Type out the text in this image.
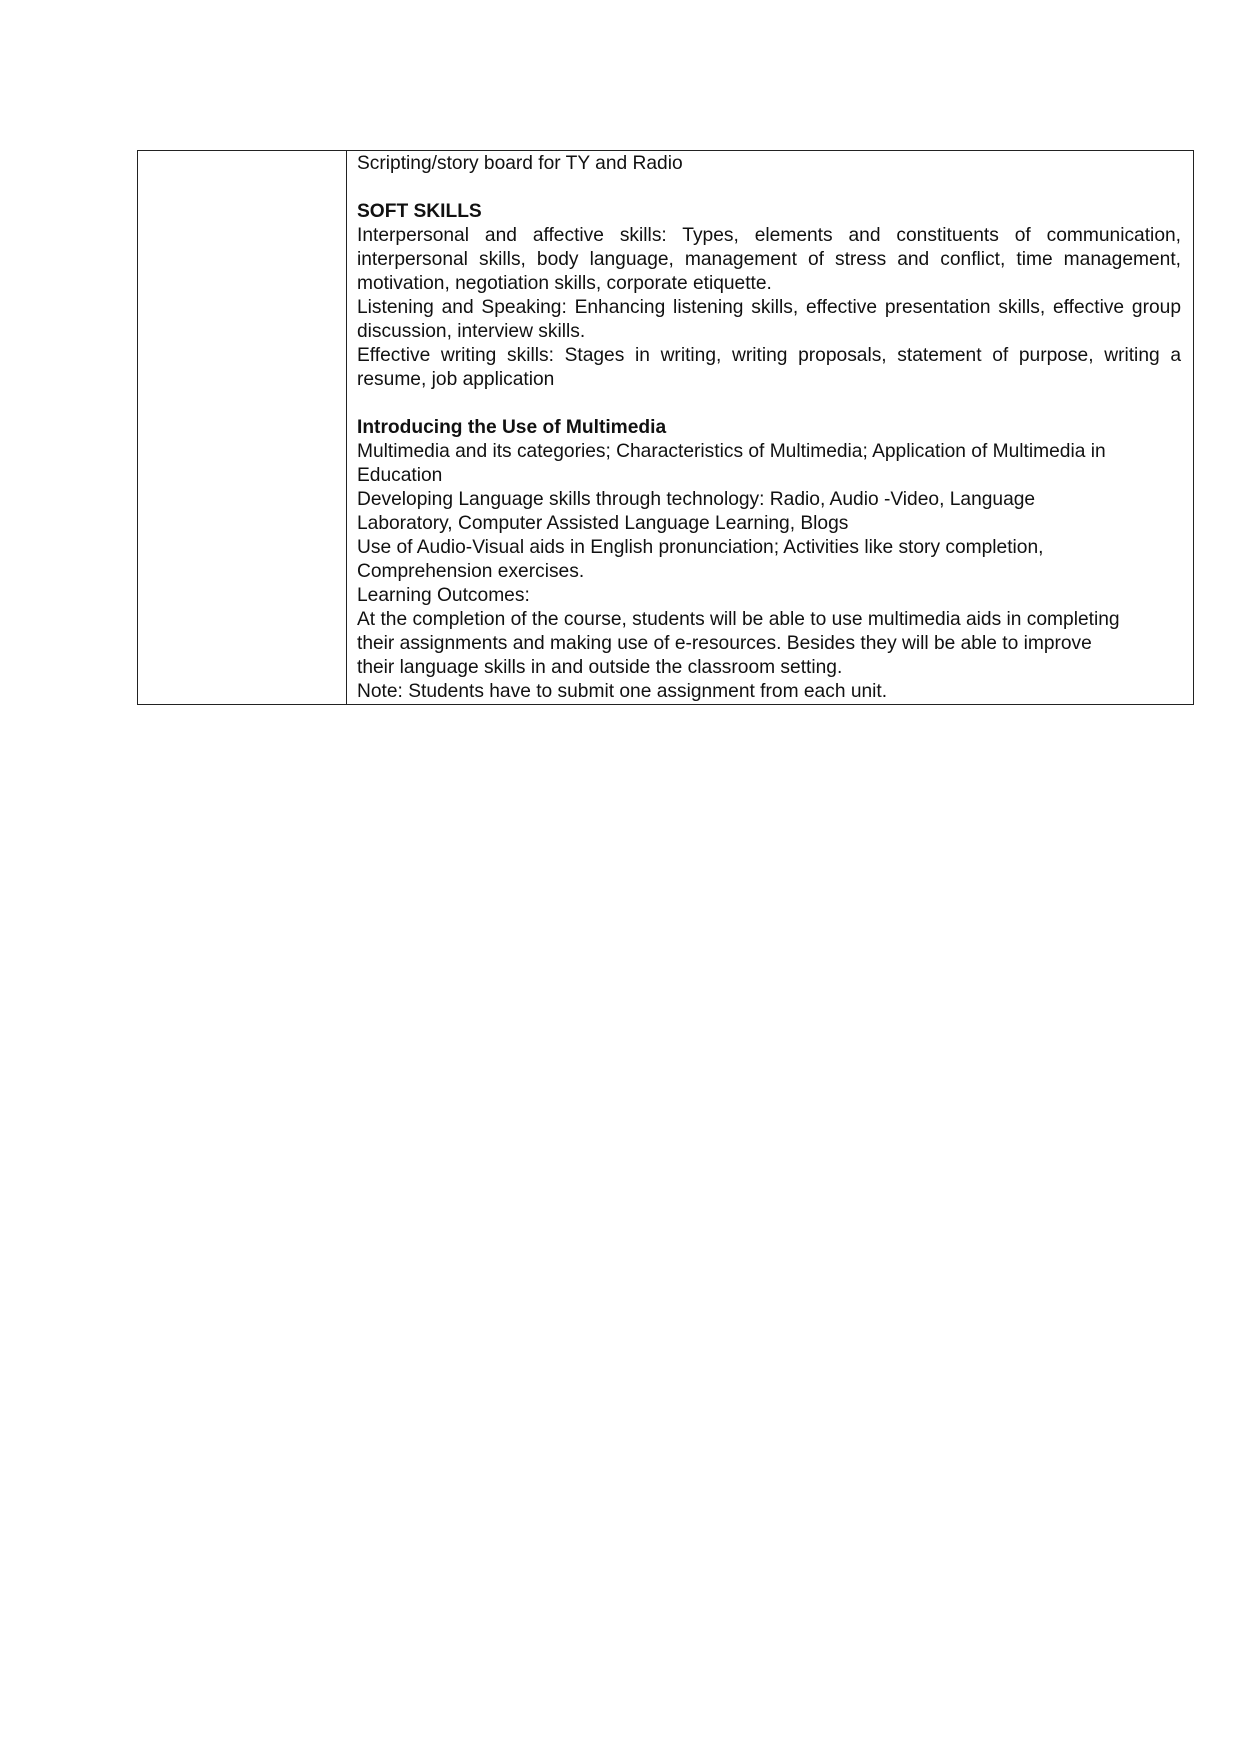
Scripting/story board for TY and Radio
SOFT SKILLS
Interpersonal and affective skills: Types, elements and constituents of communication, interpersonal skills, body language, management of stress and conflict, time management, motivation, negotiation skills, corporate etiquette.
Listening and Speaking: Enhancing listening skills, effective presentation skills, effective group discussion, interview skills.
Effective writing skills: Stages in writing, writing proposals, statement of purpose, writing a resume, job application
Introducing the Use of Multimedia
Multimedia and its categories; Characteristics of Multimedia; Application of Multimedia in
Education
Developing Language skills through technology: Radio, Audio -Video, Language
Laboratory, Computer Assisted Language Learning, Blogs
Use of Audio-Visual aids in English pronunciation; Activities like story completion,
Comprehension exercises.
Learning Outcomes:
At the completion of the course, students will be able to use multimedia aids in completing
their assignments and making use of e-resources. Besides they will be able to improve
their language skills in and outside the classroom setting.
Note: Students have to submit one assignment from each unit.
